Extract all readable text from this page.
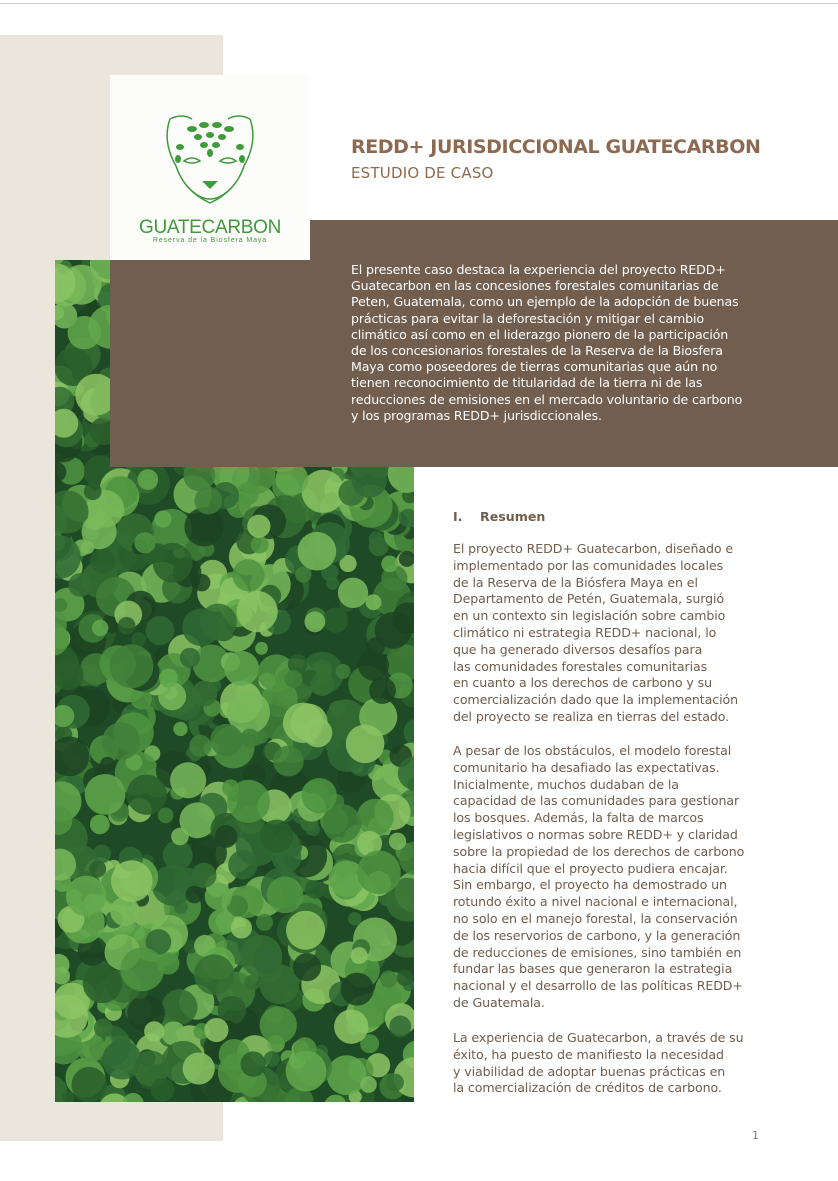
GUATECARBON
Reserva de la Biosfera Maya
REDD+ JURISDICCIONAL GUATECARBON
ESTUDIO DE CASO
El presente caso destaca la experiencia del proyecto REDD+
Guatecarbon en las concesiones forestales comunitarias de
Peten, Guatemala, como un ejemplo de la adopción de buenas
prácticas para evitar la deforestación y mitigar el cambio
climático así como en el liderazgo pionero de la participación
de los concesionarios forestales de la Reserva de la Biosfera
Maya como poseedores de tierras comunitarias que aún no
tienen reconocimiento de titularidad de la tierra ni de las
reducciones de emisiones en el mercado voluntario de carbono
y los programas REDD+ jurisdiccionales.
I. Resumen
El proyecto REDD+ Guatecarbon, diseñado e
implementado por las comunidades locales
de la Reserva de la Biósfera Maya en el
Departamento de Petén, Guatemala, surgió
en un contexto sin legislación sobre cambio
climático ni estrategia REDD+ nacional, lo
que ha generado diversos desafíos para
las comunidades forestales comunitarias
en cuanto a los derechos de carbono y su
comercialización dado que la implementación
del proyecto se realiza en tierras del estado.
A pesar de los obstáculos, el modelo forestal
comunitario ha desafiado las expectativas.
Inicialmente, muchos dudaban de la
capacidad de las comunidades para gestionar
los bosques. Además, la falta de marcos
legislativos o normas sobre REDD+ y claridad
sobre la propiedad de los derechos de carbono
hacia difícil que el proyecto pudiera encajar.
Sin embargo, el proyecto ha demostrado un
rotundo éxito a nivel nacional e internacional,
no solo en el manejo forestal, la conservación
de los reservorios de carbono, y la generación
de reducciones de emisiones, sino también en
fundar las bases que generaron la estrategia
nacional y el desarrollo de las políticas REDD+
de Guatemala.
La experiencia de Guatecarbon, a través de su
éxito, ha puesto de manifiesto la necesidad
y viabilidad de adoptar buenas prácticas en
la comercialización de créditos de carbono.
1
